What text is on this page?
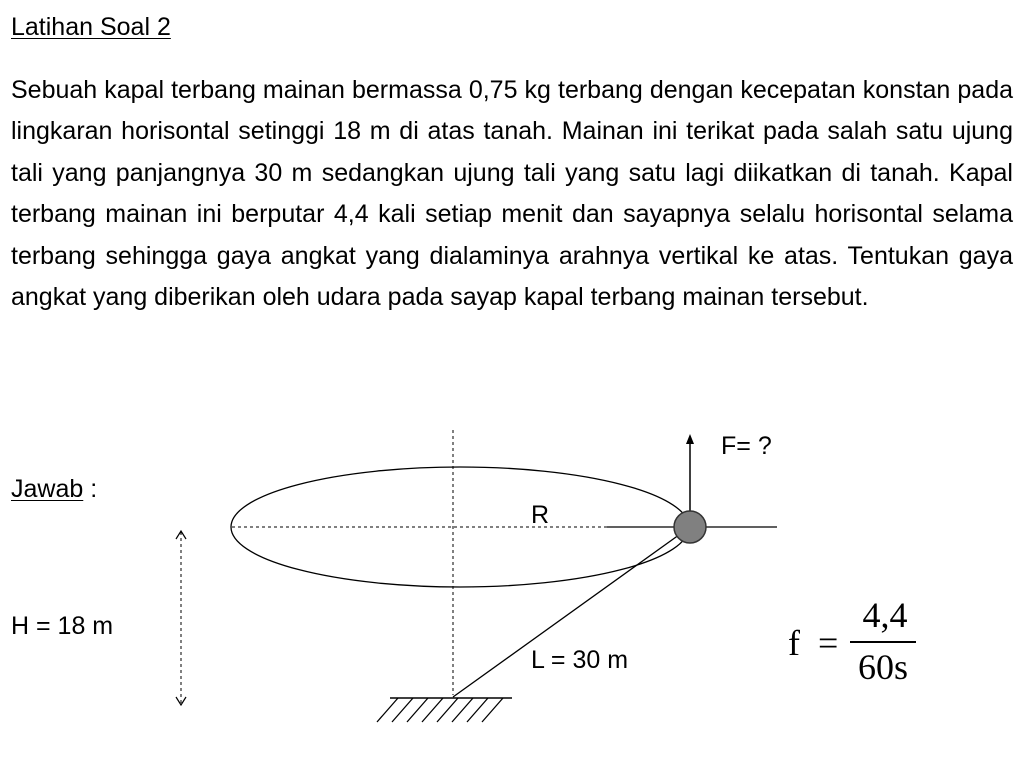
Latihan Soal 2

Sebuah kapal terbang mainan bermassa 0,75 kg terbang dengan kecepatan konstan pada lingkaran horisontal setinggi 18 m di atas tanah. Mainan ini terikat pada salah satu ujung tali yang panjangnya 30 m sedangkan ujung tali yang satu lagi diikatkan di tanah. Kapal terbang mainan ini berputar 4,4 kali setiap menit dan sayapnya selalu horisontal selama terbang sehingga gaya angkat yang dialaminya arahnya vertikal ke atas. Tentukan gaya angkat yang diberikan oleh udara pada sayap kapal terbang mainan tersebut.

Jawab :
F= ?
R
H = 18 m
L = 30 m	f =
4,4
60s
